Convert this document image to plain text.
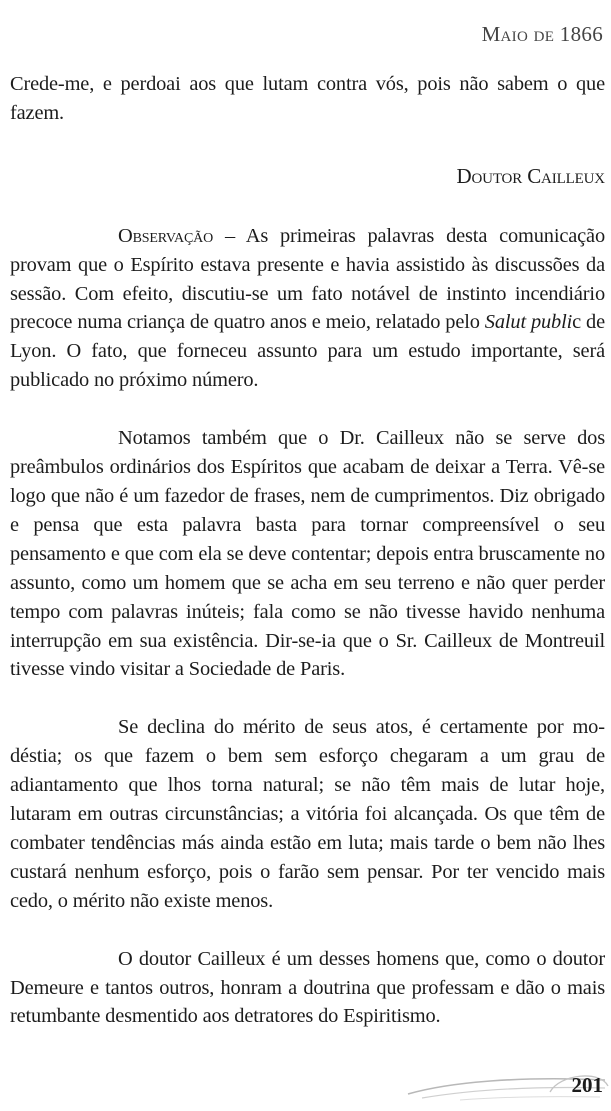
Maio de 1866

Crede-me, e perdoai aos que lutam contra vós, pois não sabem o que fazem.

Doutor Cailleux

Observação – As primeiras palavras desta comunicação provam que o Espírito estava presente e havia assistido às discussões da sessão. Com efeito, discutiu-se um fato notável de instinto incendiário precoce numa criança de quatro anos e meio, relatado pelo Salut public de Lyon. O fato, que forneceu assunto para um estudo importante, será publicado no próximo número.

Notamos também que o Dr. Cailleux não se serve dos preâmbulos ordinários dos Espíritos que acabam de deixar a Terra. Vê-se logo que não é um fazedor de frases, nem de cumprimentos. Diz obrigado e pensa que esta palavra basta para tornar compreensível o seu pensamento e que com ela se deve contentar; depois entra bruscamente no assunto, como um homem que se acha em seu terreno e não quer perder tempo com palavras inúteis; fala como se não tivesse havido nenhuma interrupção em sua existência. Dir-se-ia que o Sr. Cailleux de Montreuil tivesse vindo visitar a Sociedade de Paris.

Se declina do mérito de seus atos, é certamente por modéstia; os que fazem o bem sem esforço chegaram a um grau de adiantamento que lhos torna natural; se não têm mais de lutar hoje, lutaram em outras circunstâncias; a vitória foi alcançada. Os que têm de combater tendências más ainda estão em luta; mais tarde o bem não lhes custará nenhum esforço, pois o farão sem pensar. Por ter vencido mais cedo, o mérito não existe menos.

O doutor Cailleux é um desses homens que, como o doutor Demeure e tantos outros, honram a doutrina que professam e dão o mais retumbante desmentido aos detratores do Espiritismo.

201
